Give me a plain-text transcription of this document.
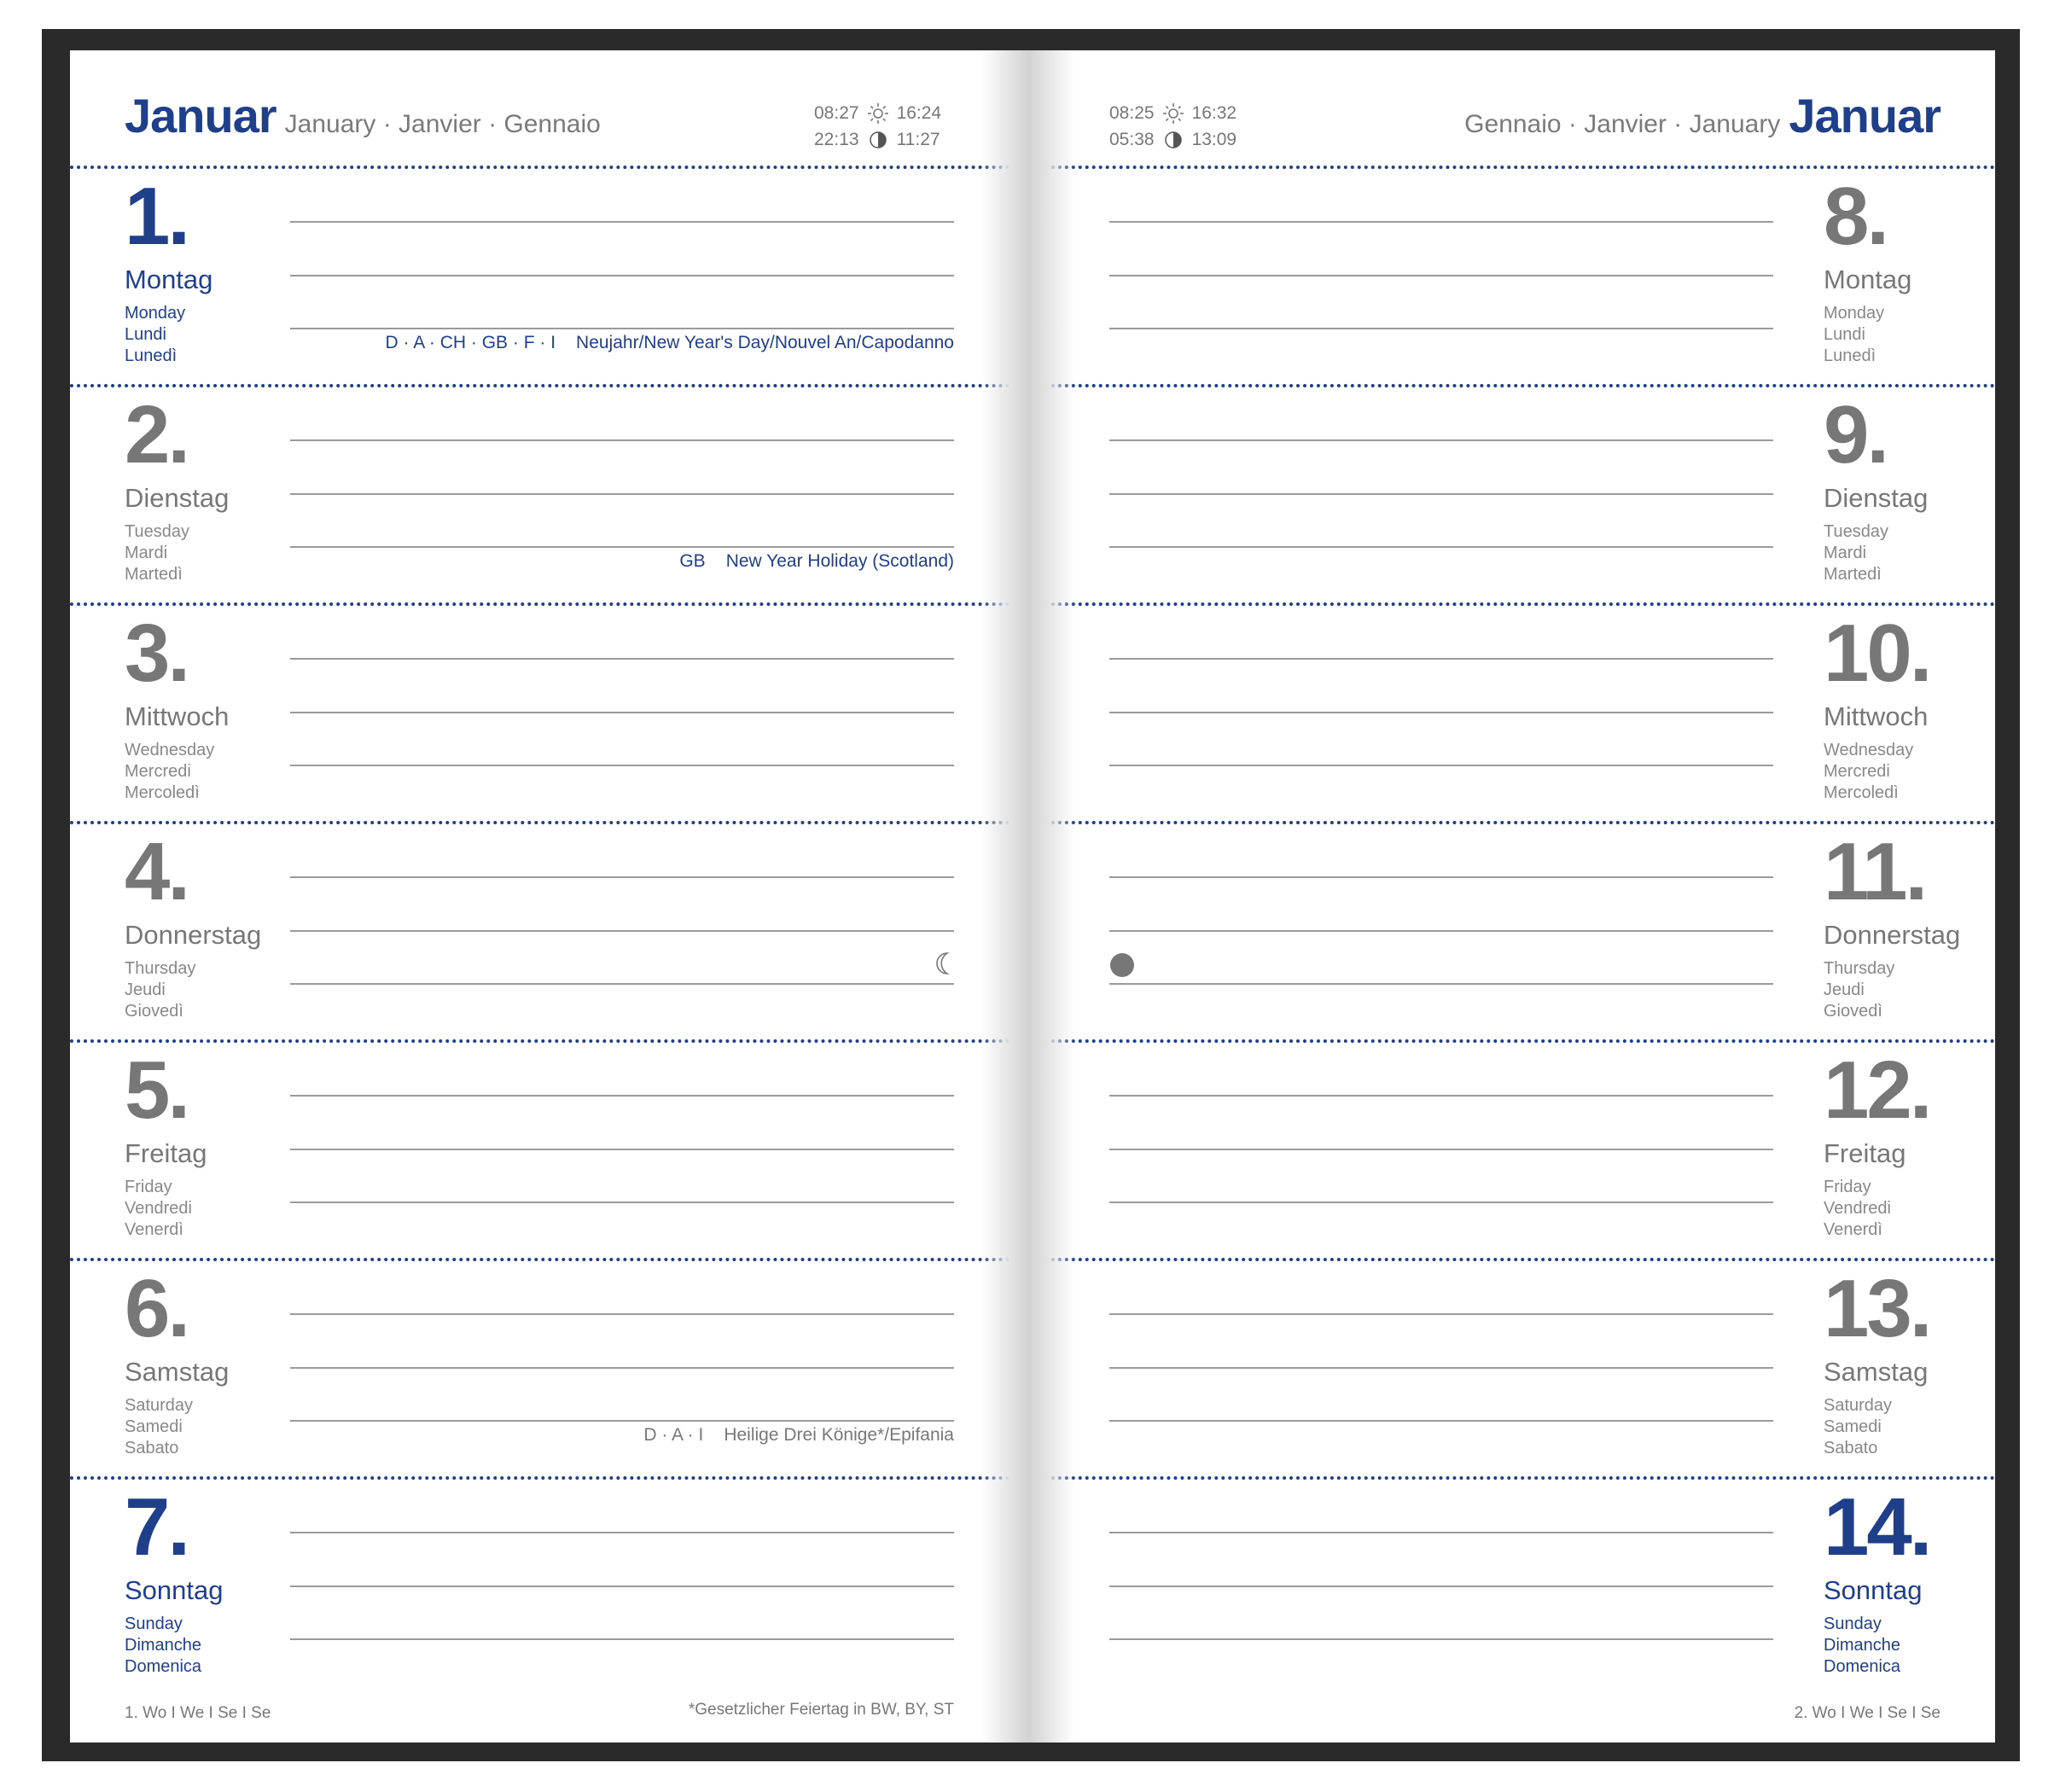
Januar January · Janvier · Gennaio	08:27 16:24
22:13 11:27
1.
Montag
Monday
Lundi
Lunedì
D · A · CH · GB · F · I Neujahr/New Year's Day/Nouvel An/Capodanno
2.
Dienstag
Tuesday
Mardi
Martedì
GB New Year Holiday (Scotland)
3.
Mittwoch
Wednesday
Mercredi
Mercoledì
4.
Donnerstag
Thursday
Jeudi
Giovedì
5.
Freitag
Friday
Vendredi
Venerdì
6.
Samstag
Saturday
Samedi
Sabato
D · A · I Heilige Drei Könige*/Epifania
7.
Sonntag
Sunday
Dimanche
Domenica
1. Wo I We I Se I Se	*Gesetzlicher Feiertag in BW, BY, ST
08:25 16:32
05:38 13:09
Gennaio · Janvier · January Januar
8.
Montag
Monday
Lundi
Lunedì
9.
Dienstag
Tuesday
Mardi
Martedì
10.
Mittwoch
Wednesday
Mercredi
Mercoledì
11.
Donnerstag
Thursday
Jeudi
Giovedì
12.
Freitag
Friday
Vendredi
Venerdì
13.
Samstag
Saturday
Samedi
Sabato
14.
Sonntag
Sunday
Dimanche
Domenica
2. Wo I We I Se I Se
